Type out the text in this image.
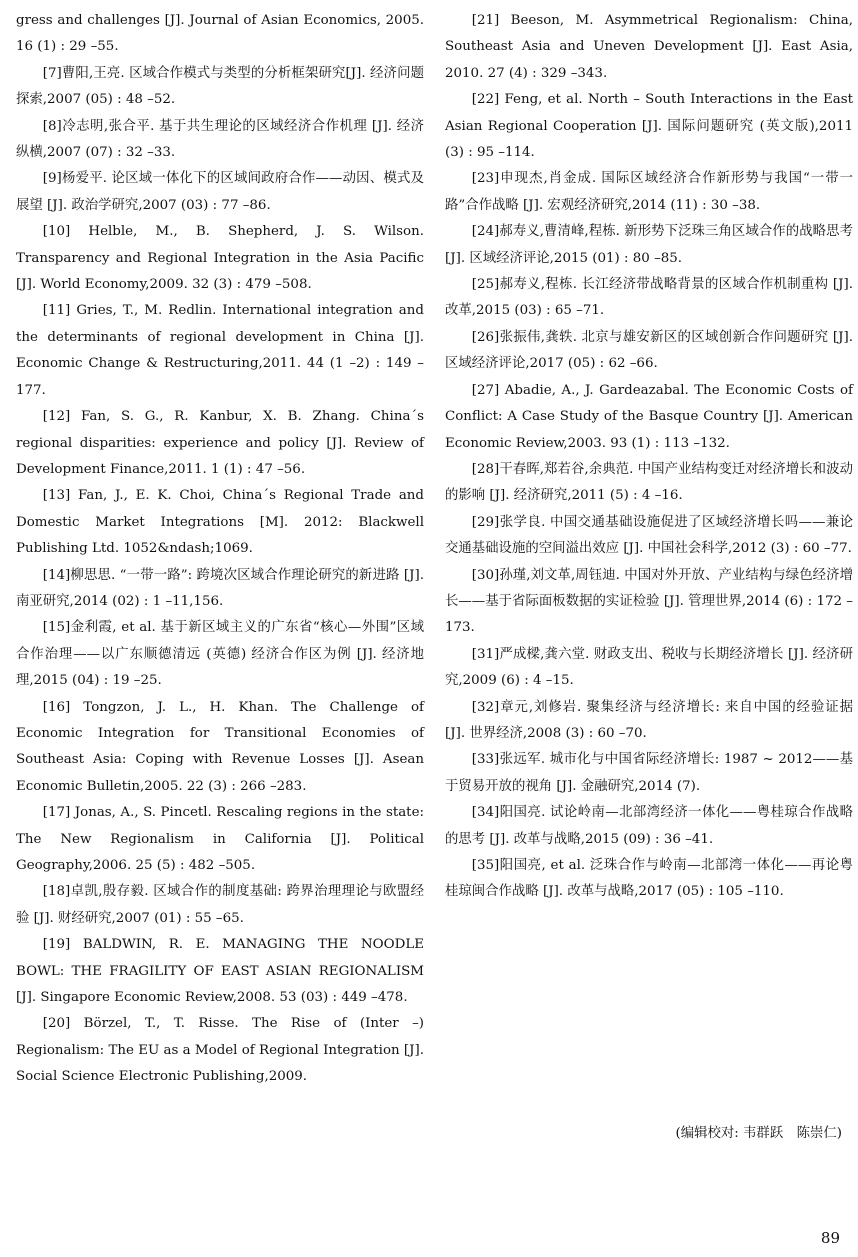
gress and challenges [J]. Journal of Asian Economics, 2005. 16 (1) : 29 –55.

[7]曹阳,王亮. 区域合作模式与类型的分析框架研究[J]. 经济问题探索,2007 (05) : 48 –52.

[8]冷志明,张合平. 基于共生理论的区域经济合作机理 [J]. 经济纵横,2007 (07) : 32 –33.

[9]杨爱平. 论区域一体化下的区域间政府合作——动因、模式及展望 [J]. 政治学研究,2007 (03) : 77 –86.

[10] Helble, M., B. Shepherd, J. S. Wilson. Transparency and Regional Integration in the Asia Pacific [J]. World Economy,2009. 32 (3) : 479 –508.

[11] Gries, T., M. Redlin. International integration and the determinants of regional development in China [J]. Economic Change & Restructuring,2011. 44 (1 –2) : 149 –177.

[12] Fan, S. G., R. Kanbur, X. B. Zhang. China´s regional disparities: experience and policy [J]. Review of Development Finance,2011. 1 (1) : 47 –56.

[13] Fan, J., E. K. Choi, China´s Regional Trade and Domestic Market Integrations [M]. 2012: Blackwell Publishing Ltd. 1052&ndash;1069.

[14]柳思思. “一带一路”: 跨境次区域合作理论研究的新进路 [J]. 南亚研究,2014 (02) : 1 –11,156.

[15]金利霞, et al. 基于新区域主义的广东省“核心—外围”区域合作治理——以广东顺德清远 (英德) 经济合作区为例 [J]. 经济地理,2015 (04) : 19 –25.

[16] Tongzon, J. L., H. Khan. The Challenge of Economic Integration for Transitional Economies of Southeast Asia: Coping with Revenue Losses [J]. Asean Economic Bulletin,2005. 22 (3) : 266 –283.

[17] Jonas, A., S. Pincetl. Rescaling regions in the state: The New Regionalism in California [J]. Political Geography,2006. 25 (5) : 482 –505.

[18]卓凯,殷存毅. 区域合作的制度基础: 跨界治理理论与欧盟经验 [J]. 财经研究,2007 (01) : 55 –65.

[19] BALDWIN, R. E. MANAGING THE NOODLE BOWL: THE FRAGILITY OF EAST ASIAN REGIONALISM [J]. Singapore Economic Review,2008. 53 (03) : 449 –478.

[20] Börzel, T., T. Risse. The Rise of (Inter –) Regionalism: The EU as a Model of Regional Integration [J]. Social Science Electronic Publishing,2009.

[21] Beeson, M. Asymmetrical Regionalism: China, Southeast Asia and Uneven Development [J]. East Asia, 2010. 27 (4) : 329 –343.

[22] Feng, et al. North – South Interactions in the East Asian Regional Cooperation [J]. 国际问题研究 (英文版),2011 (3) : 95 –114.

[23]申现杰,肖金成. 国际区域经济合作新形势与我国“一带一路”合作战略 [J]. 宏观经济研究,2014 (11) : 30 –38.

[24]郝寿义,曹清峰,程栋. 新形势下泛珠三角区域合作的战略思考 [J]. 区域经济评论,2015 (01) : 80 –85.

[25]郝寿义,程栋. 长江经济带战略背景的区域合作机制重构 [J]. 改革,2015 (03) : 65 –71.

[26]张振伟,龚轶. 北京与雄安新区的区域创新合作问题研究 [J]. 区域经济评论,2017 (05) : 62 –66.

[27] Abadie, A., J. Gardeazabal. The Economic Costs of Conflict: A Case Study of the Basque Country [J]. American Economic Review,2003. 93 (1) : 113 –132.

[28]干春晖,郑若谷,余典范. 中国产业结构变迁对经济增长和波动的影响 [J]. 经济研究,2011 (5) : 4 –16.

[29]张学良. 中国交通基础设施促进了区域经济增长吗——兼论交通基础设施的空间溢出效应 [J]. 中国社会科学,2012 (3) : 60 –77.

[30]孙瑾,刘文革,周钰迪. 中国对外开放、产业结构与绿色经济增长——基于省际面板数据的实证检验 [J]. 管理世界,2014 (6) : 172 –173.

[31]严成樑,龚六堂. 财政支出、税收与长期经济增长 [J]. 经济研究,2009 (6) : 4 –15.

[32]章元,刘修岩. 聚集经济与经济增长: 来自中国的经验证据 [J]. 世界经济,2008 (3) : 60 –70.

[33]张远军. 城市化与中国省际经济增长: 1987 ~ 2012——基于贸易开放的视角 [J]. 金融研究,2014 (7).

[34]阳国亮. 试论岭南—北部湾经济一体化——粤桂琼合作战略的思考 [J]. 改革与战略,2015 (09) : 36 –41.

[35]阳国亮, et al. 泛珠合作与岭南—北部湾一体化——再论粤桂琼闽合作战略 [J]. 改革与战略,2017 (05) : 105 –110.

(编辑校对: 韦群跃　陈崇仁)
89
